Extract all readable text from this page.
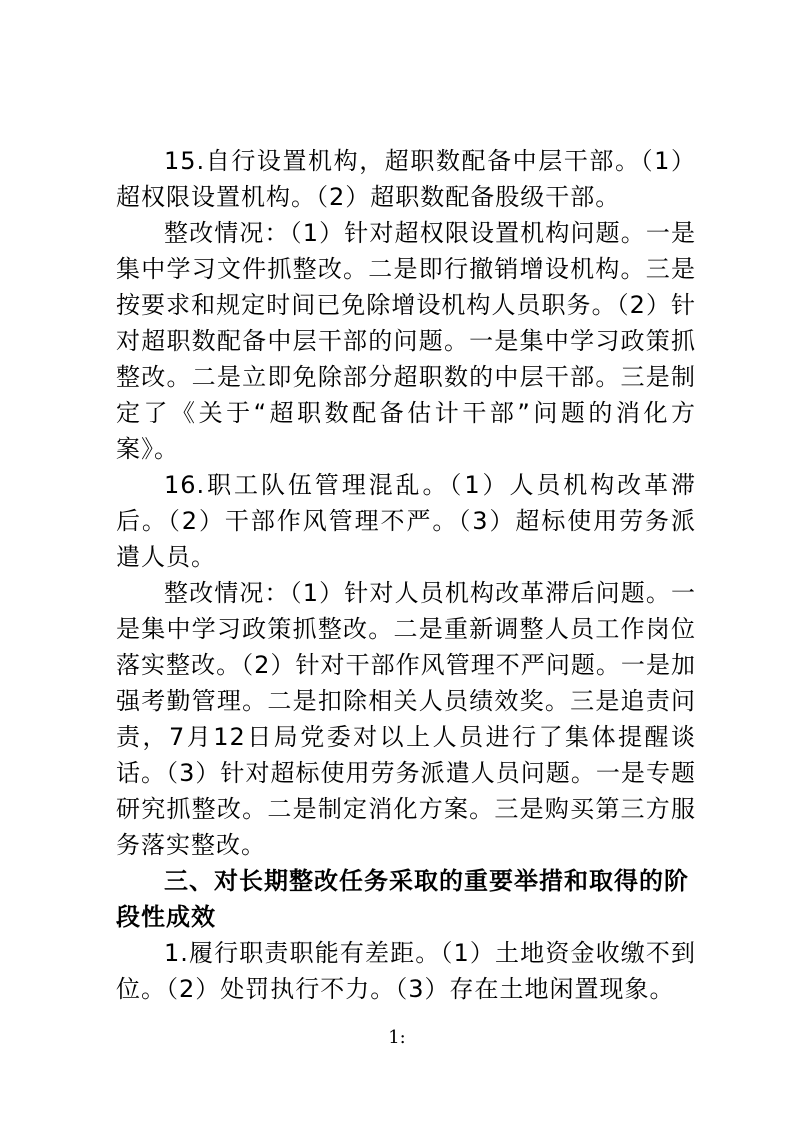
15.自行设置机构，超职数配备中层干部。（1）超权限设置机构。（2）超职数配备股级干部。

整改情况：（1）针对超权限设置机构问题。一是集中学习文件抓整改。二是即行撤销增设机构。三是按要求和规定时间已免除增设机构人员职务。（2）针对超职数配备中层干部的问题。一是集中学习政策抓整改。二是立即免除部分超职数的中层干部。三是制定了《关于“超职数配备估计干部”问题的消化方案》。

16.职工队伍管理混乱。（1）人员机构改革滞后。（2）干部作风管理不严。（3）超标使用劳务派遣人员。

整改情况：（1）针对人员机构改革滞后问题。一是集中学习政策抓整改。二是重新调整人员工作岗位落实整改。（2）针对干部作风管理不严问题。一是加强考勤管理。二是扣除相关人员绩效奖。三是追责问责，7月12日局党委对以上人员进行了集体提醒谈话。（3）针对超标使用劳务派遣人员问题。一是专题研究抓整改。二是制定消化方案。三是购买第三方服务落实整改。

三、对长期整改任务采取的重要举措和取得的阶段性成效

1.履行职责职能有差距。（1）土地资金收缴不到位。（2）处罚执行不力。（3）存在土地闲置现象。

1:
